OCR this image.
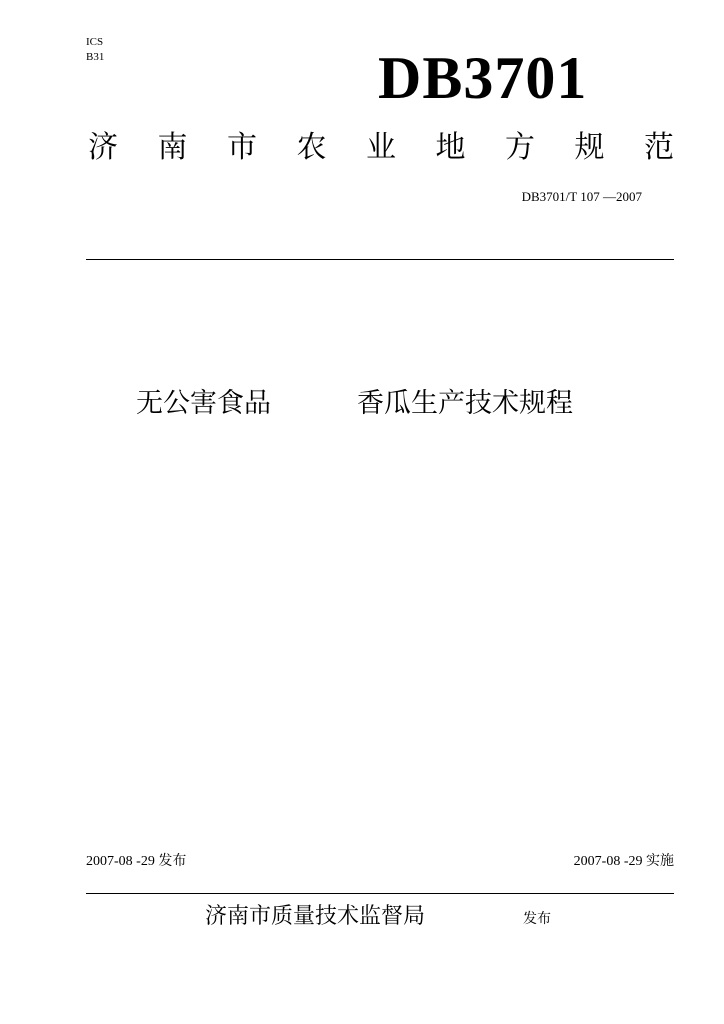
ICS
B31	DB3701
济 南 市 农 业 地 方 规 范
DB3701/T 107 —2007
无公害食品	香瓜生产技术规程
2007-08 -29 发布	2007-08 -29 实施
济南市质量技术监督局	发布
